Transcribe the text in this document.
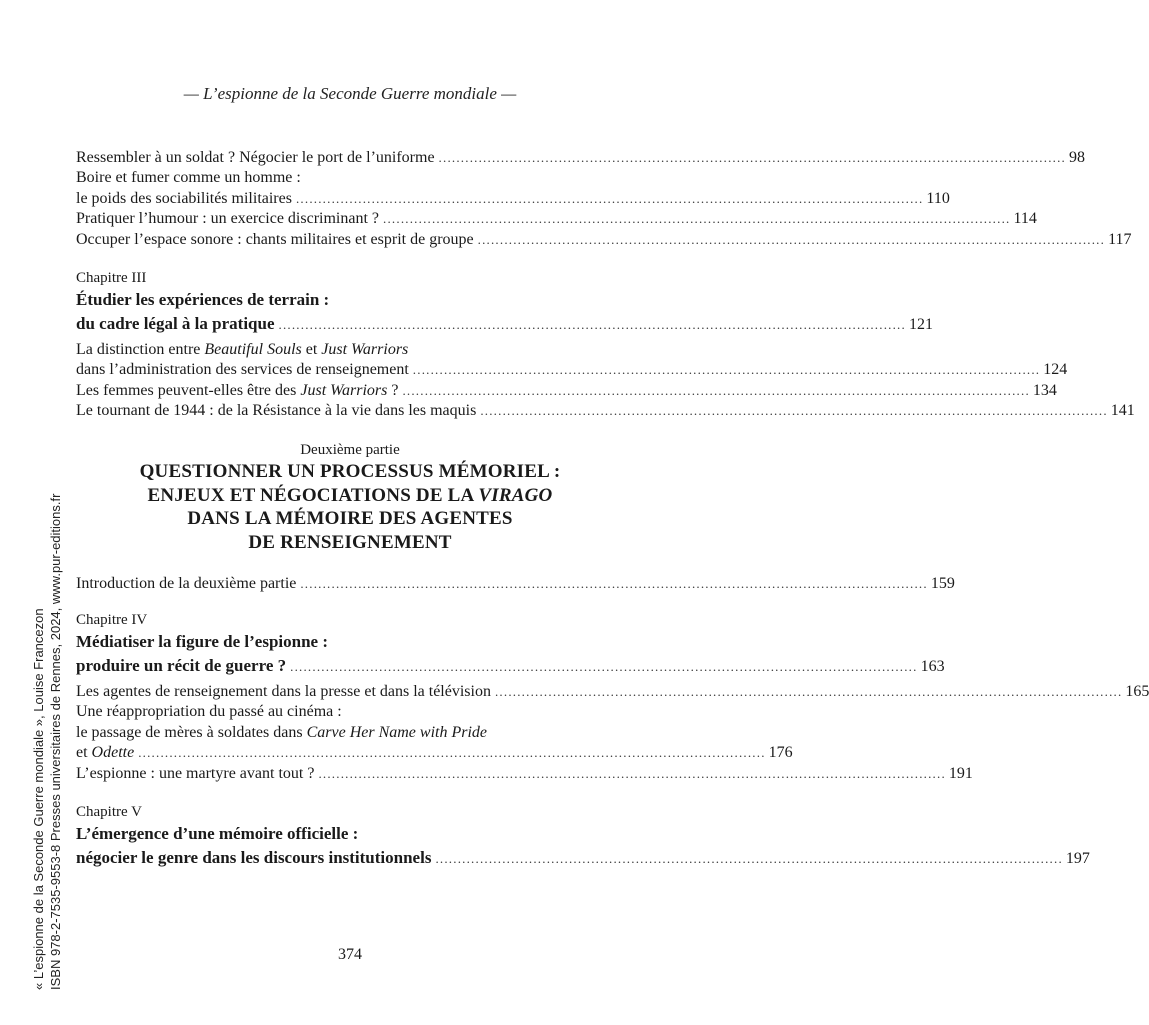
— L’espionne de la Seconde Guerre mondiale —
Ressembler à un soldat ? Négocier le port de l’uniforme ............................................................................................................................................. 98
Boire et fumer comme un homme :
le poids des sociabilités militaires ............................................................................................................................................. 110
Pratiquer l’humour : un exercice discriminant ? ............................................................................................................................................. 114
Occuper l’espace sonore : chants militaires et esprit de groupe ............................................................................................................................................. 117
Chapitre III
Étudier les expériences de terrain :
du cadre légal à la pratique ............................................................................................................................................. 121
La distinction entre Beautiful Souls et Just Warriors
dans l’administration des services de renseignement ............................................................................................................................................. 124
Les femmes peuvent-elles être des Just Warriors ? ............................................................................................................................................. 134
Le tournant de 1944 : de la Résistance à la vie dans les maquis ............................................................................................................................................. 141
Deuxième partie
QUESTIONNER UN PROCESSUS MÉMORIEL :
ENJEUX ET NÉGOCIATIONS DE LA VIRAGO
DANS LA MÉMOIRE DES AGENTES
DE RENSEIGNEMENT
Introduction de la deuxième partie ............................................................................................................................................. 159
Chapitre IV
Médiatiser la figure de l’espionne :
produire un récit de guerre ? ............................................................................................................................................. 163
Les agentes de renseignement dans la presse et dans la télévision ............................................................................................................................................. 165
Une réappropriation du passé au cinéma :
le passage de mères à soldates dans Carve Her Name with Pride
et Odette ............................................................................................................................................. 176
L’espionne : une martyre avant tout ? ............................................................................................................................................. 191
Chapitre V
L’émergence d’une mémoire officielle :
négocier le genre dans les discours institutionnels ............................................................................................................................................. 197
374
« L’espionne de la Seconde Guerre mondiale », Louise Francezon ISBN 978-2-7535-9553-8 Presses universitaires de Rennes, 2024, www.pur-editions.fr
